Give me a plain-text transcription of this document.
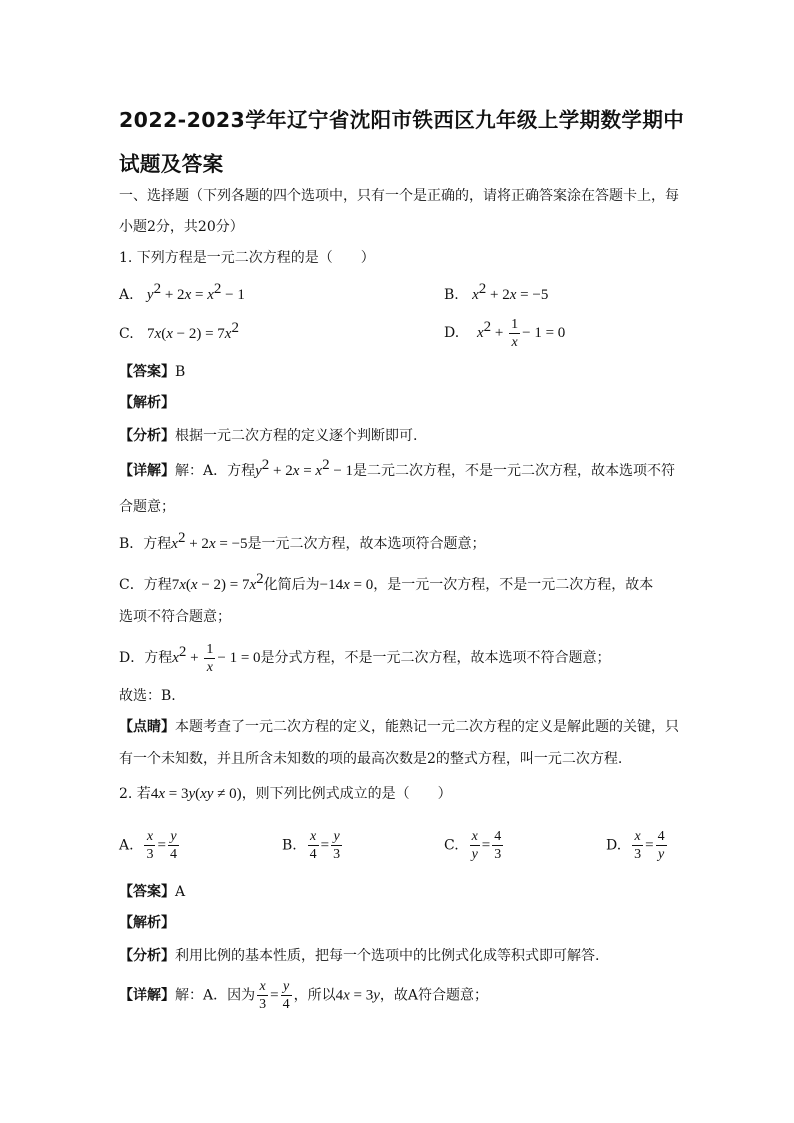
2022-2023学年辽宁省沈阳市铁西区九年级上学期数学期中
试题及答案
一、选择题（下列各题的四个选项中，只有一个是正确的，请将正确答案涂在答题卡上，每
小题2分，共20分）
1. 下列方程是一元二次方程的是（　　）
A. $y^2 + 2x = x^2 - 1$	B. $x^2 + 2x = -5$
C. $7x(x - 2) = 7x^2$	D. $x^2 + \frac{1}{x} - 1 = 0$
【答案】B
【解析】
【分析】根据一元二次方程的定义逐个判断即可.
【详解】解：A．方程$y^2 + 2x = x^2 - 1$是二元二次方程，不是一元二次方程，故本选项不符
合题意；
B．方程$x^2 + 2x = -5$是一元二次方程，故本选项符合题意；
C．方程$7x(x - 2) = 7x^2$化简后为−14x = 0，是一元一次方程，不是一元二次方程，故本
选项不符合题意；
D．方程$x^2 + \frac{1}{x} - 1 = 0$是分式方程，不是一元二次方程，故本选项不符合题意；
故选：B.
【点睛】本题考查了一元二次方程的定义，能熟记一元二次方程的定义是解此题的关键，只
有一个未知数，并且所含未知数的项的最高次数是2的整式方程，叫一元二次方程.
2. 若4x = 3y(xy ≠ 0)，则下列比例式成立的是（　　）
A. $\frac{x}{3} = \frac{y}{4}$	B. $\frac{x}{4} = \frac{y}{3}$	C. $\frac{x}{y} = \frac{4}{3}$	D. $\frac{x}{3} = \frac{4}{y}$
【答案】A
【解析】
【分析】利用比例的基本性质，把每一个选项中的比例式化成等积式即可解答.
【详解】解：A．因为 $\frac{x}{3} = \frac{y}{4}$ ，所以4x = 3y，故A符合题意；
